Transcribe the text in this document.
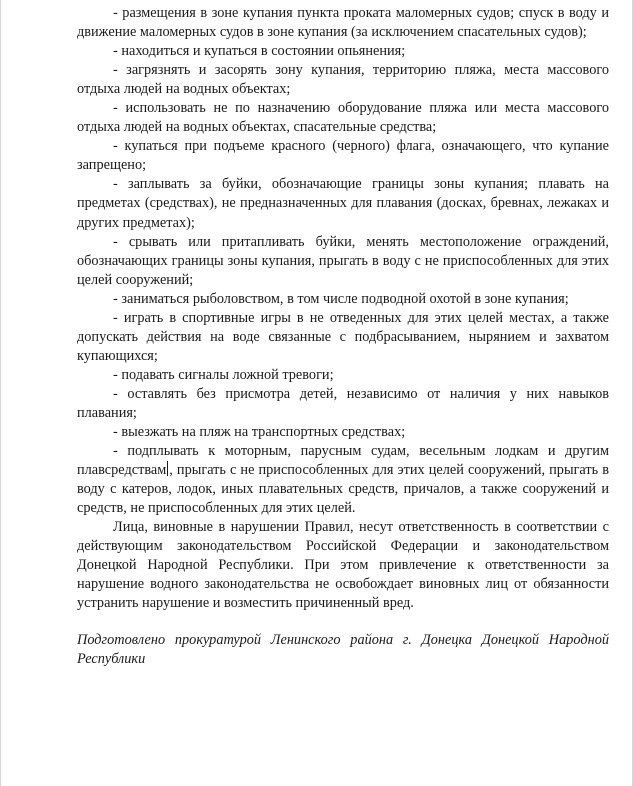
- размещения в зоне купания пункта проката маломерных судов; спуск в воду и движение маломерных судов в зоне купания (за исключением спасательных судов);

- находиться и купаться в состоянии опьянения;

- загрязнять и засорять зону купания, территорию пляжа, места массового отдыха людей на водных объектах;

- использовать не по назначению оборудование пляжа или места массового отдыха людей на водных объектах, спасательные средства;

- купаться при подъеме красного (черного) флага, означающего, что купание запрещено;

- заплывать за буйки, обозначающие границы зоны купания; плавать на предметах (средствах), не предназначенных для плавания (досках, бревнах, лежаках и других предметах);

- срывать или притапливать буйки, менять местоположение ограждений, обозначающих границы зоны купания, прыгать в воду с не приспособленных для этих целей сооружений;

- заниматься рыболовством, в том числе подводной охотой в зоне купания;

- играть в спортивные игры в не отведенных для этих целей местах, а также допускать действия на воде связанные с подбрасыванием, нырянием и захватом купающихся;

- подавать сигналы ложной тревоги;

- оставлять без присмотра детей, независимо от наличия у них навыков плавания;

- выезжать на пляж на транспортных средствах;

- подплывать к моторным, парусным судам, весельным лодкам и другим плавсредствам , прыгать с не приспособленных для этих целей сооружений, прыгать в воду с катеров, лодок, иных плавательных средств, причалов, а также сооружений и средств, не приспособленных для этих целей.

Лица, виновные в нарушении Правил, несут ответственность в соответствии с действующим законодательством Российской Федерации и законодательством Донецкой Народной Республики. При этом привлечение к ответственности за нарушение водного законодательства не освобождает виновных лиц от обязанности устранить нарушение и возместить причиненный вред.

Подготовлено прокуратурой Ленинского района г. Донецка Донецкой Народной Республики
